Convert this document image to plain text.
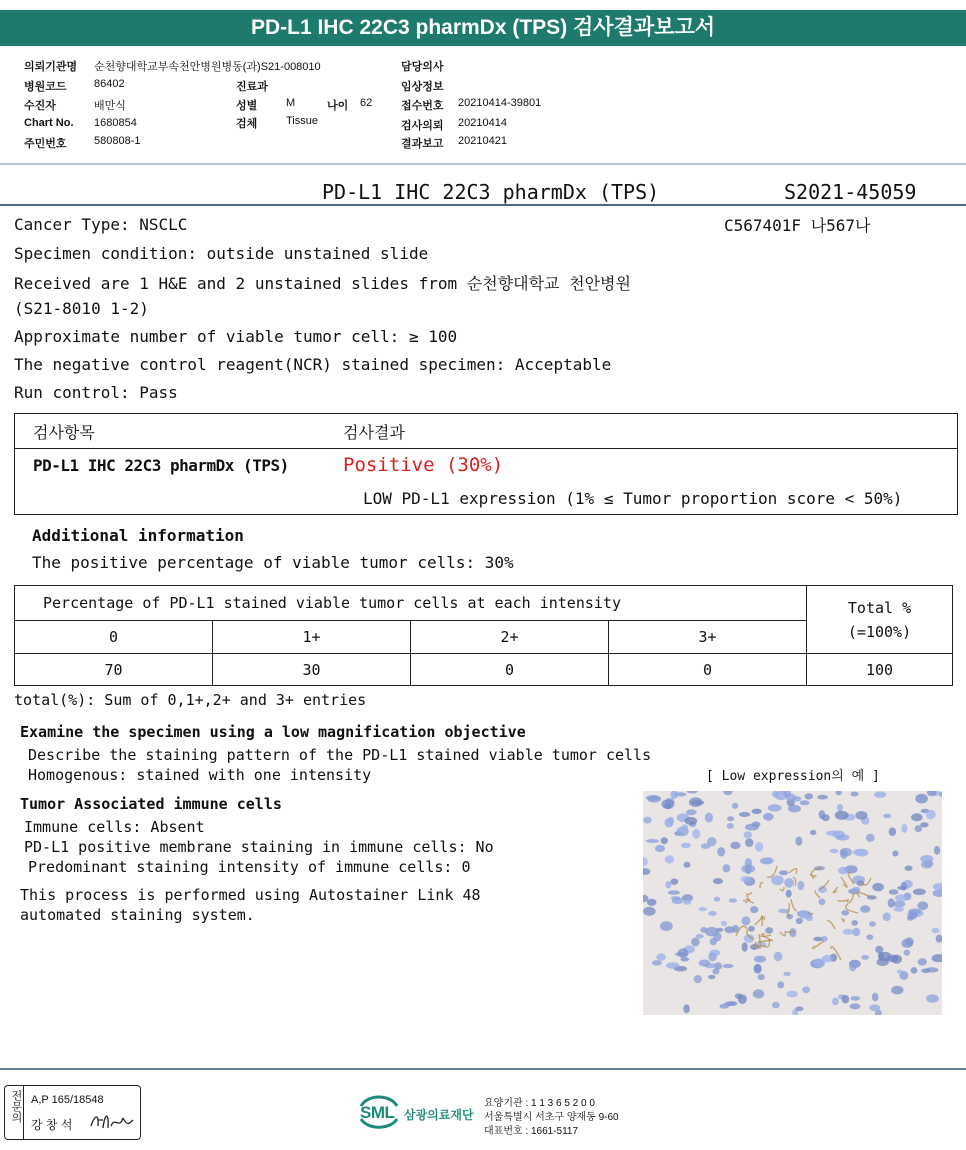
PD-L1 IHC 22C3 pharmDx (TPS) 검사결과보고서
의뢰기관명 순천향대학교부속천안병원병동(과)S21-008010
병원코드 86402
수진자	배만식
Chart No. 1680854
주민번호 580808-1
진료과
성별	M	나이 62
검체	Tissue
담당의사
임상정보
접수번호 20210414-39801
검사의뢰 20210414
결과보고 20210421
PD-L1 IHC 22C3 pharmDx (TPS)	S2021-45059
Cancer Type: NSCLC	C567401F 나567나
Specimen condition: outside unstained slide
Received are 1 H&E and 2 unstained slides from 순천향대학교 천안병원
(S21-8010 1-2)
Approximate number of viable tumor cell: ≥ 100
The negative control reagent(NCR) stained specimen: Acceptable
Run control: Pass
검사항목	검사결과
PD-L1 IHC 22C3 pharmDx (TPS)	Positive (30%)
LOW PD-L1 expression (1% ≤ Tumor proportion score < 50%)
Additional information
The positive percentage of viable tumor cells: 30%
Percentage of PD-L1 stained viable tumor cells at each intensity				Total %
(=100%)

0	1+	2+	3+	
70	30	0	0	100
total(%): Sum of 0,1+,2+ and 3+ entries
Examine the specimen using a low magnification objective
Describe the staining pattern of the PD-L1 stained viable tumor cells
Homogenous: stained with one intensity
Tumor Associated immune cells
Immune cells: Absent
PD-L1 positive membrane staining in immune cells: No
Predominant staining intensity of immune cells: 0
This process is performed using Autostainer Link 48
automated staining system.
[ Low expression의 예 ]
전문의 A,P 165/18548
강 창 석
SML 삼광의료재단
요양기관 : 1 1 3 6 5 2 0 0
서울특별시 서초구 양재동 9-60
대표번호 : 1661-5117
